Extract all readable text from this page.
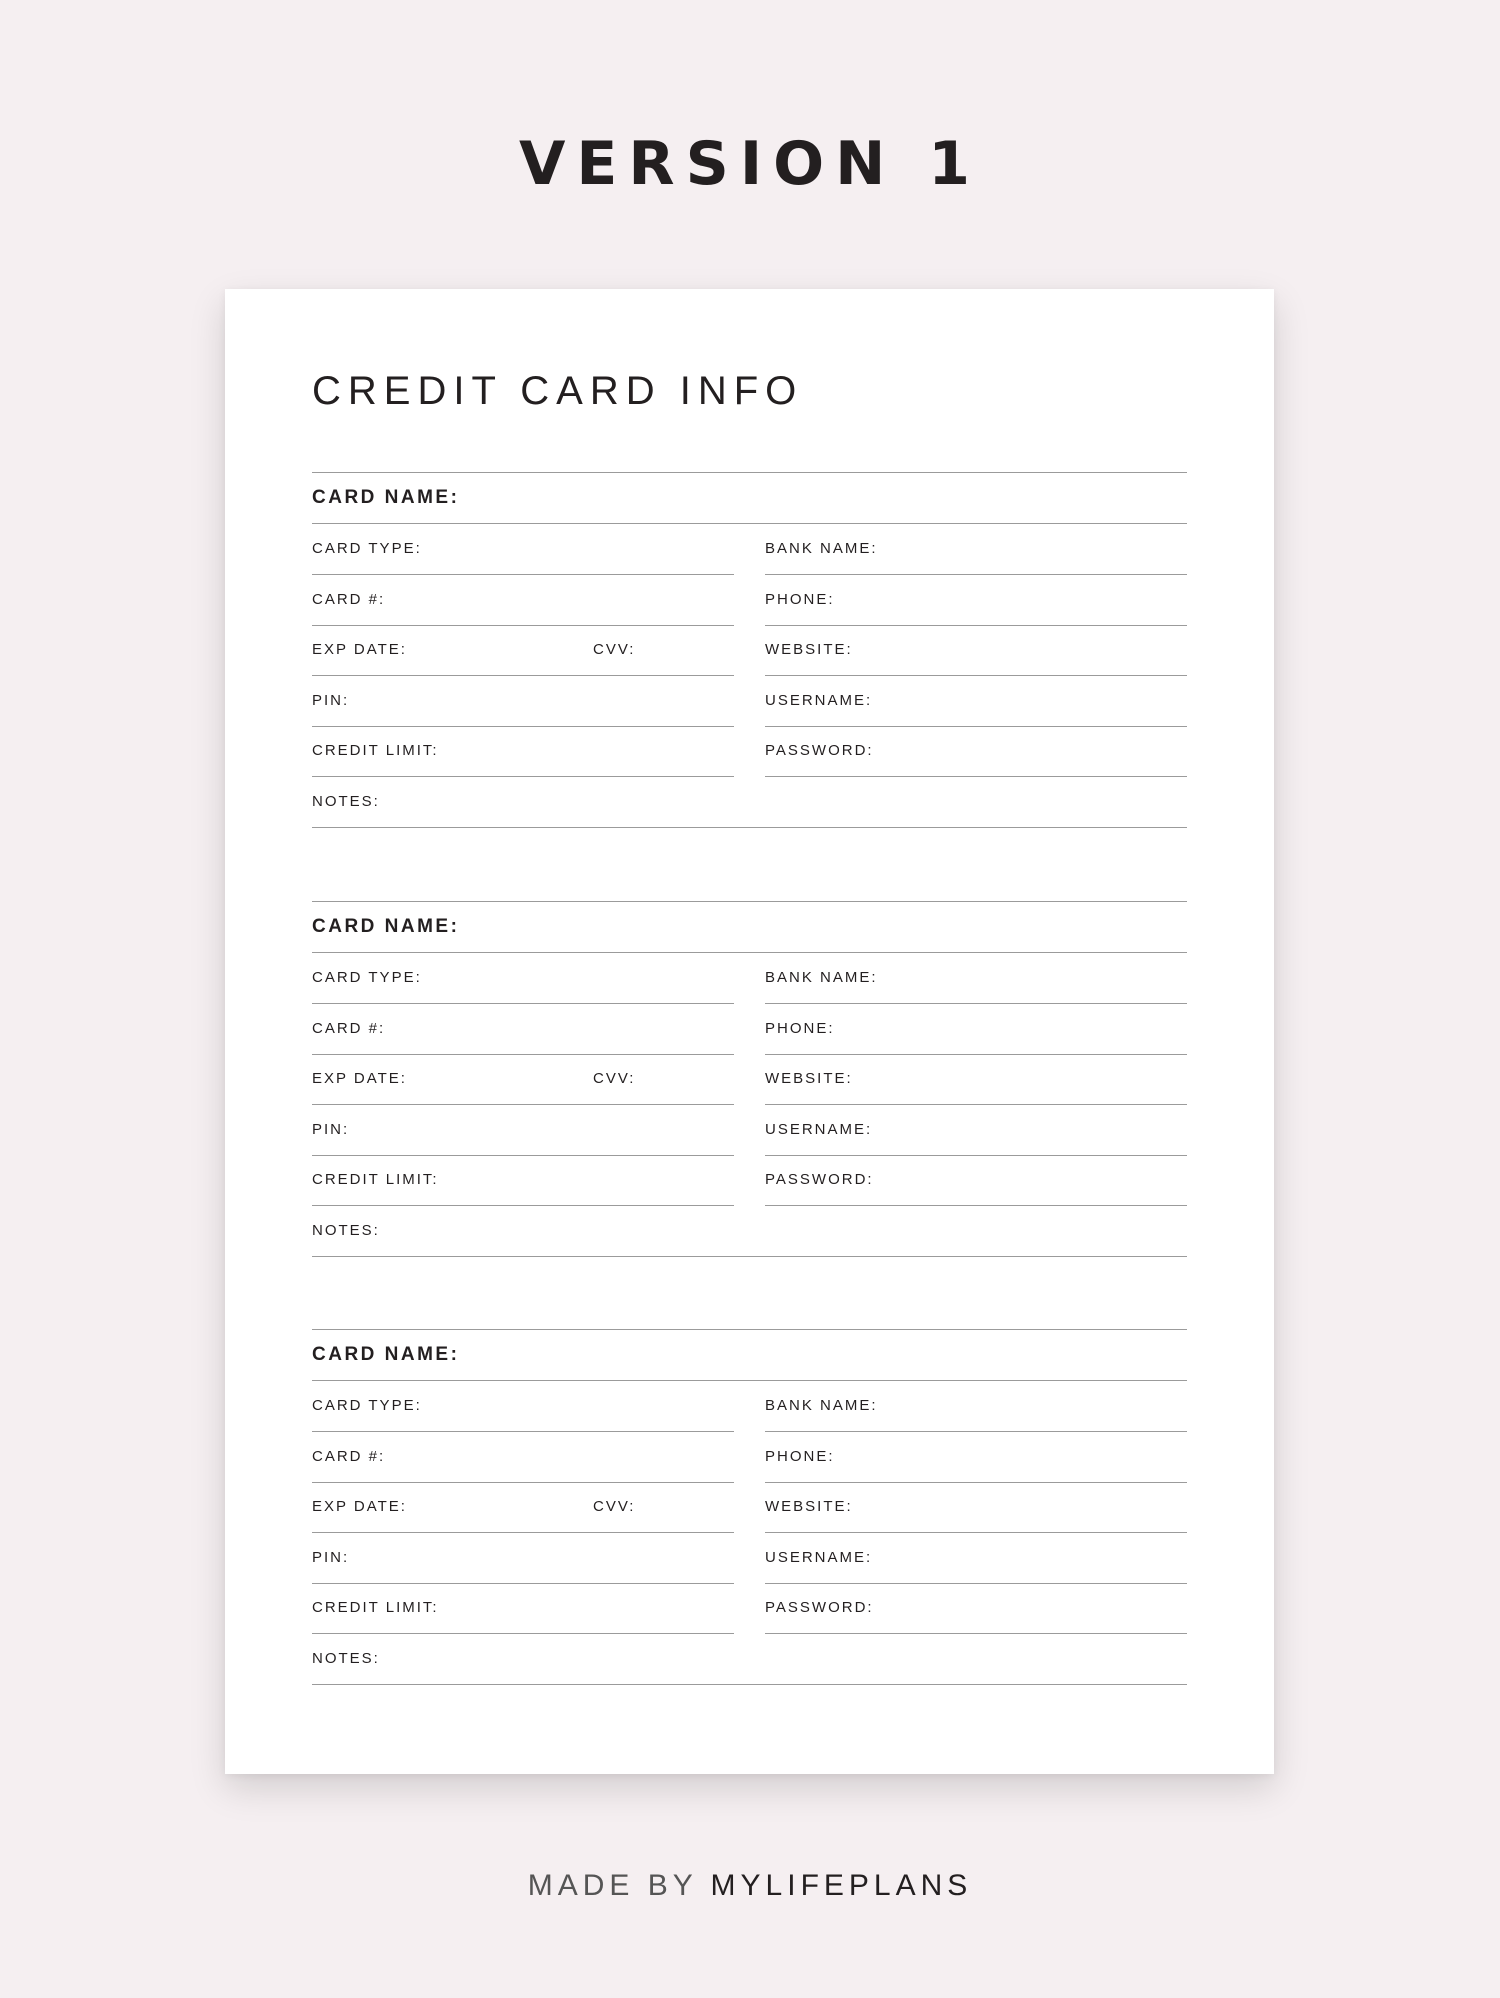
VERSION 1
CREDIT CARD INFO
CARD NAME:
CARD TYPE:	BANK NAME:
CARD #:	PHONE:
EXP DATE:	CVV:	WEBSITE:
PIN:	USERNAME:
CREDIT LIMIT:	PASSWORD:
NOTES:
CARD NAME:
CARD TYPE:	BANK NAME:
CARD #:	PHONE:
EXP DATE:	CVV:	WEBSITE:
PIN:	USERNAME:
CREDIT LIMIT:	PASSWORD:
NOTES:
CARD NAME:
CARD TYPE:	BANK NAME:
CARD #:	PHONE:
EXP DATE:	CVV:	WEBSITE:
PIN:	USERNAME:
CREDIT LIMIT:	PASSWORD:
NOTES:
MADE BY MYLIFEPLANS
